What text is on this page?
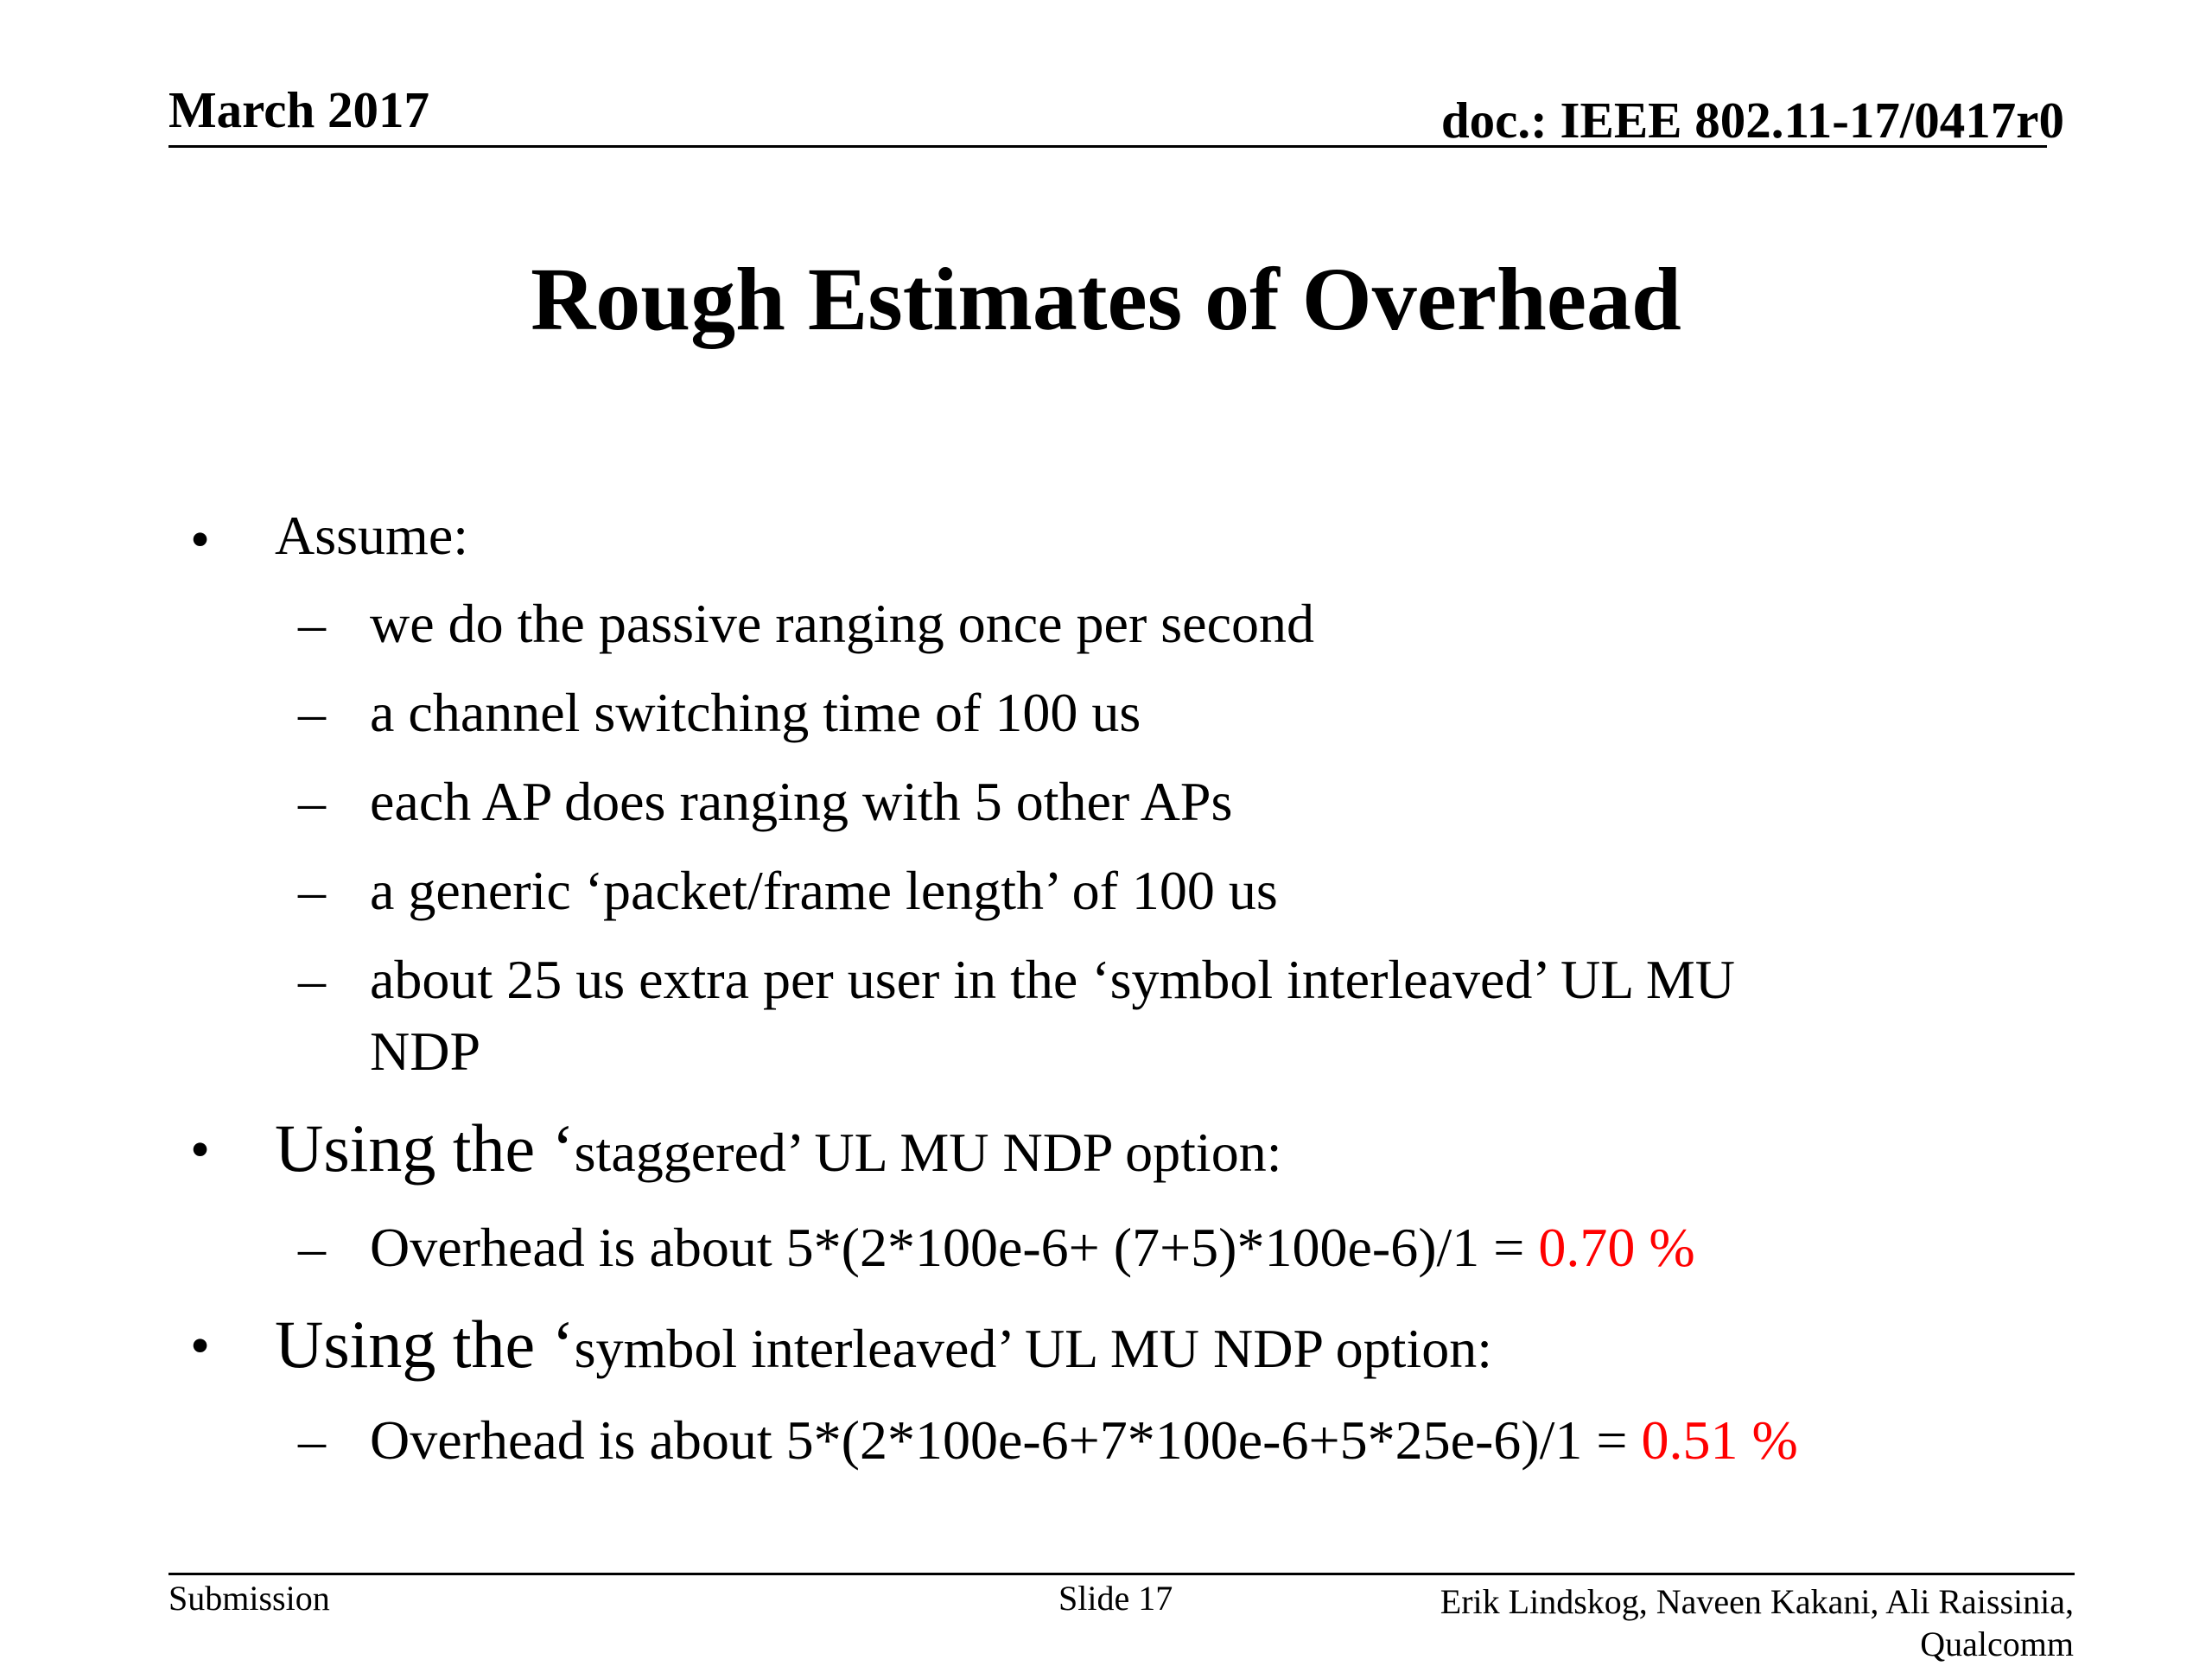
March 2017	doc.: IEEE 802.11-17/0417r0
Rough Estimates of Overhead
• Assume:
– we do the passive ranging once per second
– a channel switching time of 100 us
– each AP does ranging with 5 other APs
– a generic ‘packet/frame length’ of 100 us
– about 25 us extra per user in the ‘symbol interleaved’ UL MU
NDP
• Using the ‘staggered’ UL MU NDP option:
– Overhead is about 5*(2*100e-6+ (7+5)*100e-6)/1 = 0.70 %
• Using the ‘symbol interleaved’ UL MU NDP option:
– Overhead is about 5*(2*100e-6+7*100e-6+5*25e-6)/1 = 0.51 %
Submission	Slide 17	Erik Lindskog, Naveen Kakani, Ali Raissinia,
Qualcomm
